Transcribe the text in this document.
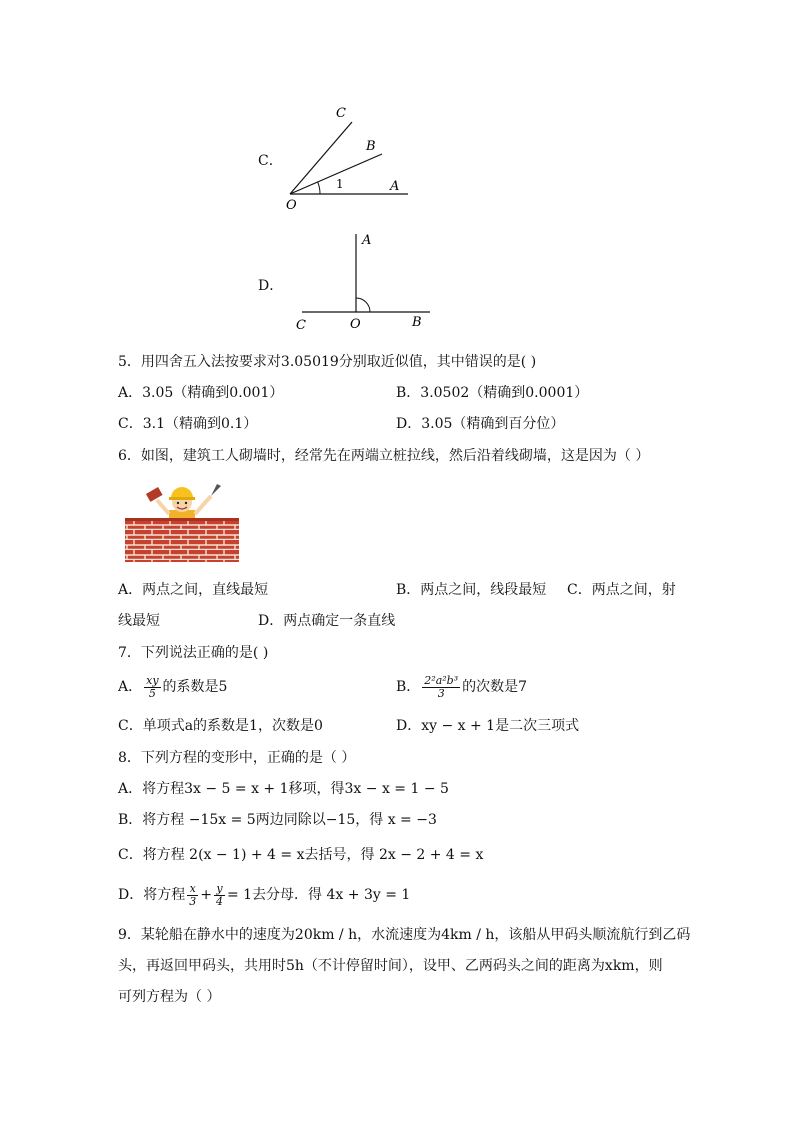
C．
C
B
A
1
O
D．
A
C	O	B
5．用四舍五入法按要求对3.05019分别取近似值，其中错误的是( )
A．3.05（精确到0.001）	B．3.0502（精确到0.0001）
C．3.1（精确到0.1）	D．3.05（精确到百分位）
6．如图，建筑工人砌墙时，经常先在两端立桩拉线，然后沿着线砌墙，这是因为（ ）
A．两点之间，直线最短	B．两点之间，线段最短 C．两点之间，射
线最短	D．两点确定一条直线
7．下列说法正确的是( )
A． $\frac{xy}{5}$ 的系数是5	B． $\frac{\text{2²a²b³}}{3}$ 的次数是7
C．单项式a的系数是1，次数是0	D．xy − x + 1是二次三项式
8．下列方程的变形中，正确的是（ ）
A．将方程3x − 5 = x + 1移项，得3x − x = 1 − 5
B．将方程 −15x = 5两边同除以−15，得 x = −3
C．将方程 2(x − 1) + 4 = x去括号，得 2x − 2 + 4 = x
D．将方程 $\frac{x}{3} + \frac{y}{4} = 1$去分母．得 4x + 3y = 1
9．某轮船在静水中的速度为20km / h，水流速度为4km / h，该船从甲码头顺流航行到乙码
头，再返回甲码头，共用时5h（不计停留时间），设甲、乙两码头之间的距离为xkm，则
可列方程为（ ）
